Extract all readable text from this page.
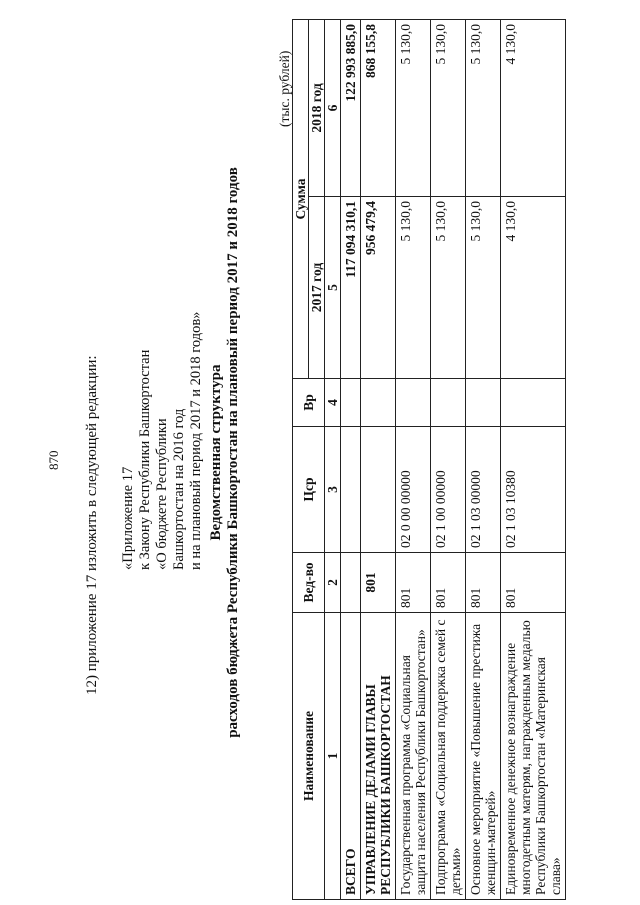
870 12) приложение 17 изложить в следующей редакции: «Приложение 17 к Закону Республики Башкортостан «О бюджете Республики Башкортостан на 2016 год и на плановый период 2017 и 2018 годов» Ведомственная структура расходов бюджета Республики Башкортостан на плановый период 2017 и 2018 годов
(тыс. рублей)
Наименование	Вед-во	Цср	Вр	Сумма	
				2017 год	2018 год
1	2	3	4	5	6
ВСЕГО				117 094 310,1	122 993 885,0
УПРАВЛЕНИЕ ДЕЛАМИ ГЛАВЫ РЕСПУБЛИКИ БАШКОРТОСТАН	801			956 479,4	868 155,8
Государственная программа «Социальная защита населения Республики Башкортостан»	801	02 0 00 00000		5 130,0	5 130,0
Подпрограмма «Социальная поддержка семей с детьми»	801	02 1 00 00000		5 130,0	5 130,0
Основное мероприятие «Повышение престижа женщин-матерей»	801	02 1 03 00000		5 130,0	5 130,0
Единовременное денежное вознаграждение многодетным матерям, награжденным медалью Республики Башкортостан «Материнская слава»	801	02 1 03 10380		4 130,0	4 130,0
